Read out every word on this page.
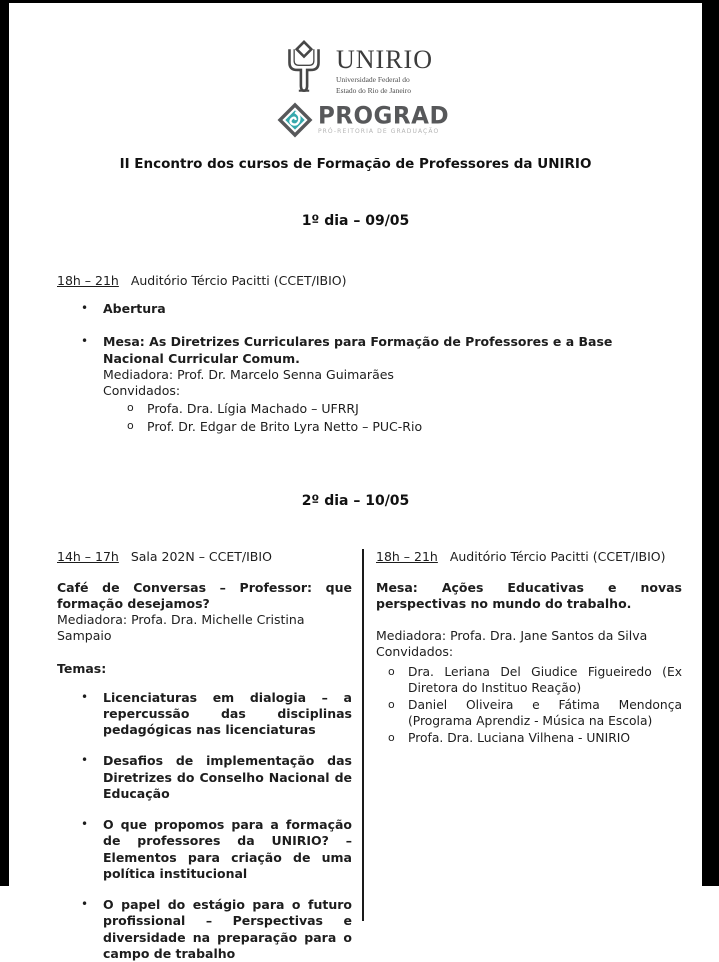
UNIRIO
Universidade Federal do
Estado do Rio de Janeiro
PROGRAD
PRÓ-REITORIA DE GRADUAÇÃO
II Encontro dos cursos de Formação de Professores da UNIRIO
1º dia – 09/05
18h – 21h Auditório Tércio Pacitti (CCET/IBIO)
•	Abertura
•	Mesa: As Diretrizes Curriculares para Formação de Professores e a Base Nacional Curricular Comum.
Mediadora: Prof. Dr. Marcelo Senna Guimarães
Convidados:
o	Profa. Dra. Lígia Machado – UFRRJ
o	Prof. Dr. Edgar de Brito Lyra Netto – PUC-Rio
2º dia – 10/05
14h – 17h Sala 202N – CCET/IBIO
Café de Conversas – Professor: que formação desejamos?
Mediadora: Profa. Dra. Michelle Cristina Sampaio
Temas:
•	Licenciaturas em dialogia – a repercussão das disciplinas pedagógicas nas licenciaturas
•	Desafios de implementação das Diretrizes do Conselho Nacional de Educação
•	O que propomos para a formação de professores da UNIRIO? – Elementos para criação de uma política institucional
•	O papel do estágio para o futuro profissional – Perspectivas e diversidade na preparação para o campo de trabalho
18h – 21h Auditório Tércio Pacitti (CCET/IBIO)
Mesa: Ações Educativas e novas perspectivas no mundo do trabalho.
Mediadora: Profa. Dra. Jane Santos da Silva
Convidados:
o	Dra. Leriana Del Giudice Figueiredo (Ex Diretora do Instituo Reação)
o	Daniel Oliveira e Fátima Mendonça (Programa Aprendiz - Música na Escola)
o	Profa. Dra. Luciana Vilhena - UNIRIO
